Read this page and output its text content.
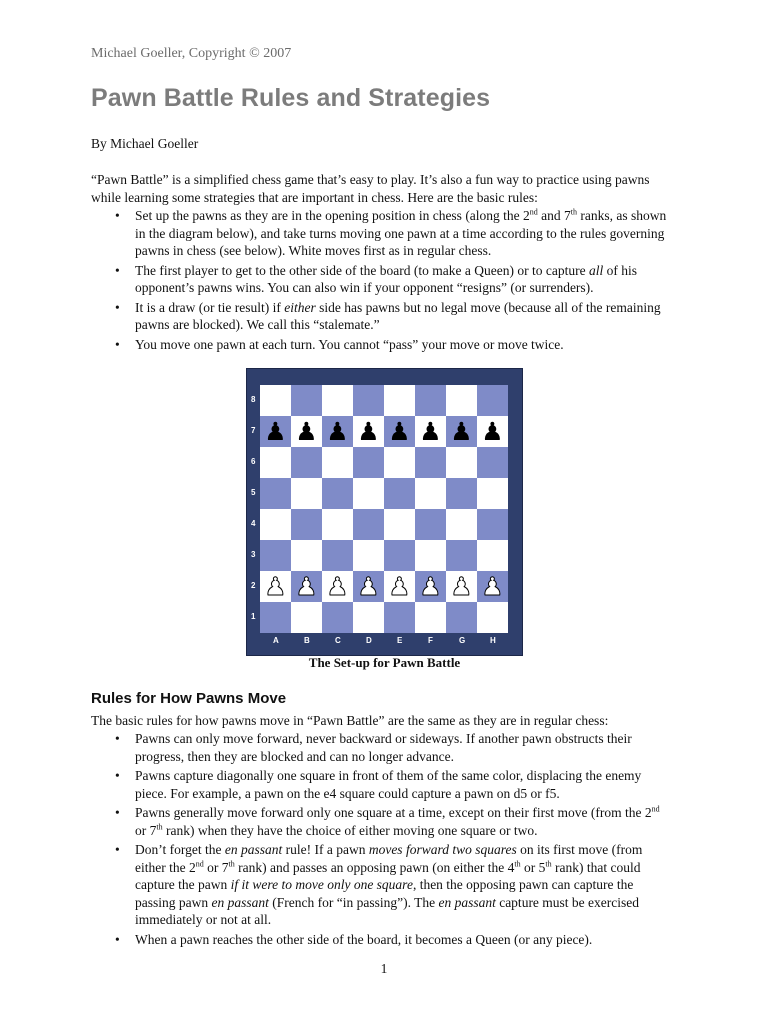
Michael Goeller, Copyright © 2007
Pawn Battle Rules and Strategies
By Michael Goeller

“Pawn Battle” is a simplified chess game that’s easy to play. It’s also a fun way to practice using pawns while learning some strategies that are important in chess. Here are the basic rules:

• Set up the pawns as they are in the opening position in chess (along the 2nd and 7th ranks, as shown in the diagram below), and take turns moving one pawn at a time according to the rules governing pawns in chess (see below). White moves first as in regular chess.
• The first player to get to the other side of the board (to make a Queen) or to capture all of his opponent’s pawns wins. You can also win if your opponent “resigns” (or surrenders).
• It is a draw (or tie result) if either side has pawns but no legal move (because all of the remaining pawns are blocked). We call this “stalemate.”
• You move one pawn at each turn. You cannot “pass” your move or move twice.
8
7
6
5
4
3
2
1
A	B	C	D	E	F	G	H
♟ ♟ ♟ ♟ ♟ ♟ ♟ ♟
♟ ♟ ♟ ♟ ♟ ♟ ♟ ♟
The Set-up for Pawn Battle
Rules for How Pawns Move

The basic rules for how pawns move in “Pawn Battle” are the same as they are in regular chess:

• Pawns can only move forward, never backward or sideways. If another pawn obstructs their progress, then they are blocked and can no longer advance.
• Pawns capture diagonally one square in front of them of the same color, displacing the enemy piece. For example, a pawn on the e4 square could capture a pawn on d5 or f5.
• Pawns generally move forward only one square at a time, except on their first move (from the 2nd or 7th rank) when they have the choice of either moving one square or two.
• Don’t forget the en passant rule! If a pawn moves forward two squares on its first move (from either the 2nd or 7th rank) and passes an opposing pawn (on either the 4th or 5th rank) that could capture the pawn if it were to move only one square, then the opposing pawn can capture the passing pawn en passant (French for “in passing”). The en passant capture must be exercised immediately or not at all.
• When a pawn reaches the other side of the board, it becomes a Queen (or any piece).
1
